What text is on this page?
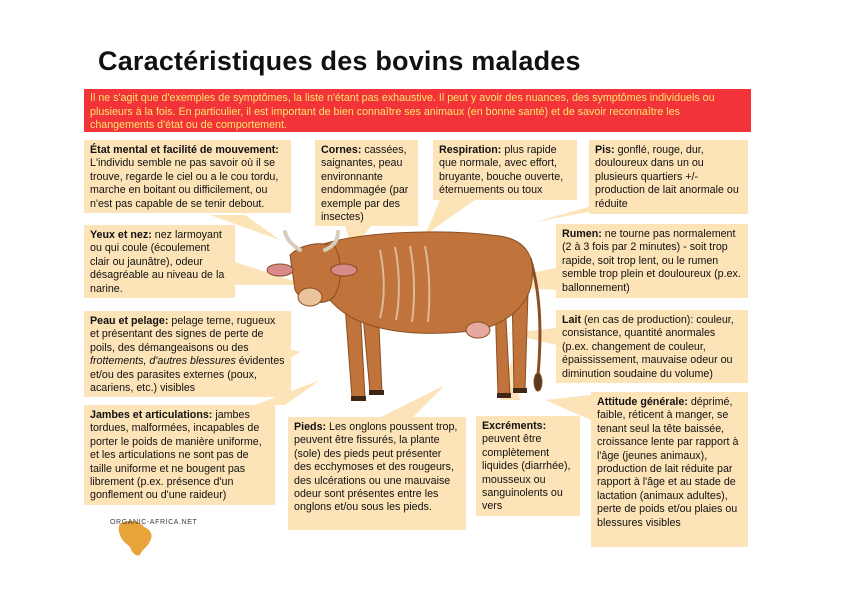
Caractéristiques des bovins malades
Il ne s'agit que d'exemples de symptômes, la liste n'étant pas exhaustive. Il peut y avoir des nuances, des symptômes individuels ou plusieurs à la fois. En particulier, il est important de bien connaître ses animaux (en bonne santé) et de savoir reconnaître les changements d'état ou de comportement.
État mental et facilité de mouvement: L'individu semble ne pas savoir où il se trouve, regarde le ciel ou a le cou tordu, marche en boitant ou difficilement, ou n'est pas capable de se tenir debout.
Cornes: cassées, saignantes, peau environnante endommagée (par exemple par des insectes)
Respiration: plus rapide que normale, avec effort, bruyante, bouche ouverte, éternuements ou toux
Pis: gonflé, rouge, dur, douloureux dans un ou plusieurs quartiers +/- production de lait anormale ou réduite
Yeux et nez: nez larmoyant ou qui coule (écoulement clair ou jaunâtre), odeur désagréable au niveau de la narine.
Rumen: ne tourne pas normalement (2 à 3 fois par 2 minutes) - soit trop rapide, soit trop lent, ou le rumen semble trop plein et douloureux (p.ex. ballonnement)
Peau et pelage: pelage terne, rugueux et présentant des signes de perte de poils, des démangeaisons ou des frottements, d'autres blessures évidentes et/ou des parasites externes (poux, acariens, etc.) visibles
Lait (en cas de production): couleur, consistance, quantité anormales (p.ex. changement de couleur, épaississement, mauvaise odeur ou diminution soudaine du volume)
Jambes et articulations: jambes tordues, malformées, incapables de porter le poids de manière uniforme, et les articulations ne sont pas de taille uniforme et ne bougent pas librement (p.ex. présence d'un gonflement ou d'une raideur)
Pieds: Les onglons poussent trop, peuvent être fissurés, la plante (sole) des pieds peut présenter des ecchymoses et des rougeurs, des ulcérations ou une mauvaise odeur sont présentes entre les onglons et/ou sous les pieds.
Excréments: peuvent être complètement liquides (diarrhée), mousseux ou sanguinolents ou vers
Attitude générale: déprimé, faible, réticent à manger, se tenant seul la tête baissée, croissance lente par rapport à l'âge (jeunes animaux), production de lait réduite par rapport à l'âge et au stade de lactation (animaux adultes), perte de poids et/ou plaies ou blessures visibles
ORGANIC-AFRICA.NET
